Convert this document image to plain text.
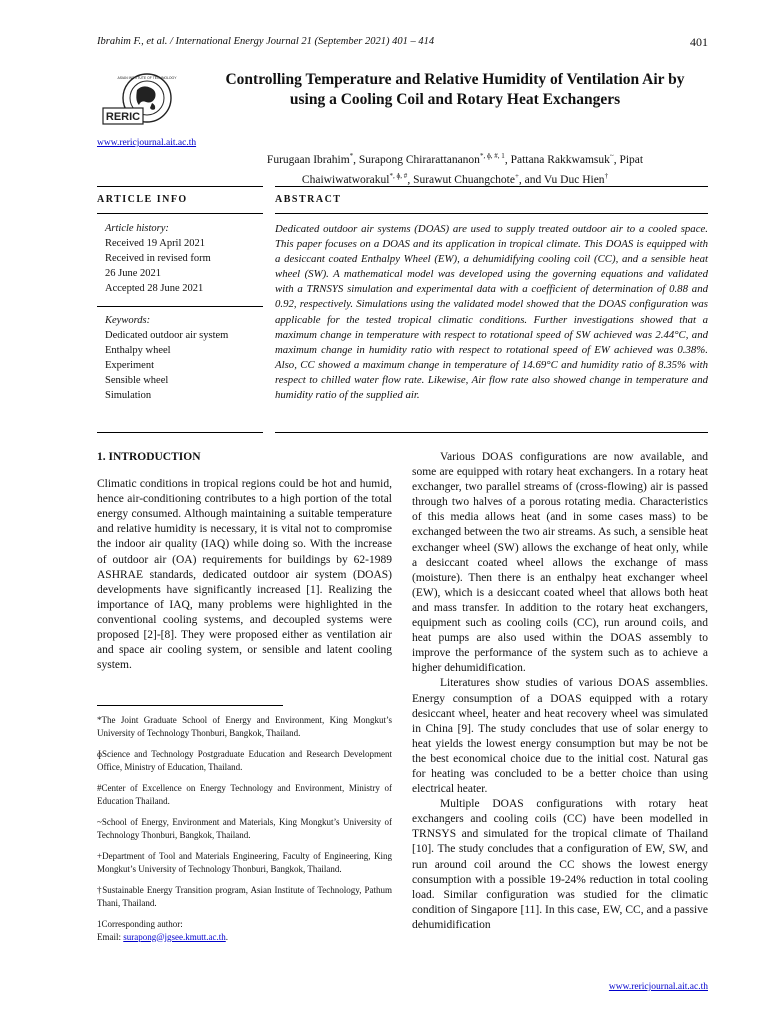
Ibrahim F., et al. / International Energy Journal 21 (September 2021) 401 – 414	401
RERIC
ASIAN INSTITUTE OF TECHNOLOGY
www.rericjournal.ait.ac.th
Controlling Temperature and Relative Humidity of Ventilation Air by using a Cooling Coil and Rotary Heat Exchangers
Furugaan Ibrahim*, Surapong Chirarattananon$^{*, ɸ, \#, 1}$, Pattana Rakkwamsuk~, Pipat
Chaiwiwatworakul$^{*, ɸ, \#}$, Surawut Chuangchote+, and Vu Duc Hien†
ARTICLE INFO
Article history:
Received 19 April 2021
Received in revised form
26 June 2021
Accepted 28 June 2021
Keywords:
Dedicated outdoor air system
Enthalpy wheel
Experiment
Sensible wheel
Simulation
ABSTRACT
Dedicated outdoor air systems (DOAS) are used to supply treated outdoor air to a cooled space. This paper focuses on a DOAS and its application in tropical climate. This DOAS is equipped with a desiccant coated Enthalpy Wheel (EW), a dehumidifying cooling coil (CC), and a sensible heat wheel (SW). A mathematical model was developed using the governing equations and validated with a TRNSYS simulation and experimental data with a coefficient of determination of 0.88 and 0.92, respectively. Simulations using the validated model showed that the DOAS configuration was applicable for the tested tropical climatic conditions. Further investigations showed that a maximum change in temperature with respect to rotational speed of SW achieved was 2.44°C, and maximum change in humidity ratio with respect to rotational speed of EW achieved was 0.38%. Also, CC showed a maximum change in temperature of 14.69°C and humidity ratio of 8.35% with respect to chilled water flow rate. Likewise, Air flow rate also showed change in temperature and humidity ratio of the supplied air.

1. INTRODUCTION

Climatic conditions in tropical regions could be hot and humid, hence air-conditioning contributes to a high portion of the total energy consumed. Although maintaining a suitable temperature and relative humidity is necessary, it is vital not to compromise the indoor air quality (IAQ) while doing so. With the increase of outdoor air (OA) requirements for buildings by 62-1989 ASHRAE standards, dedicated outdoor air system (DOAS) developments have significantly increased [1]. Realizing the importance of IAQ, many problems were highlighted in the conventional cooling systems, and decoupled systems were proposed [2]-[8]. They were proposed either as ventilation air and space air cooling system, or sensible and latent cooling system.

*The Joint Graduate School of Energy and Environment, King Mongkut’s University of Technology Thonburi, Bangkok, Thailand.

ɸScience and Technology Postgraduate Education and Research Development Office, Ministry of Education, Thailand.

#Center of Excellence on Energy Technology and Environment, Ministry of Education Thailand.

~School of Energy, Environment and Materials, King Mongkut’s University of Technology Thonburi, Bangkok, Thailand.

+Department of Tool and Materials Engineering, Faculty of Engineering, King Mongkut’s University of Technology Thonburi, Bangkok, Thailand.

†Sustainable Energy Transition program, Asian Institute of Technology, Pathum Thani, Thailand.

1Corresponding author:

Email: surapong@jgsee.kmutt.ac.th.

Various DOAS configurations are now available, and some are equipped with rotary heat exchangers. In a rotary heat exchanger, two parallel streams of (cross-flowing) air is passed through two halves of a porous rotating media. Characteristics of this media allows heat (and in some cases mass) to be exchanged between the two air streams. As such, a sensible heat exchanger wheel (SW) allows the exchange of heat only, while a desiccant coated wheel allows the exchange of mass (moisture). Then there is an enthalpy heat exchanger wheel (EW), which is a desiccant coated wheel that allows both heat and mass transfer. In addition to the rotary heat exchangers, equipment such as cooling coils (CC), run around coils, and heat pumps are also used within the DOAS assembly to improve the performance of the system such as to achieve a higher dehumidification.

Literatures show studies of various DOAS assemblies. Energy consumption of a DOAS equipped with a rotary desiccant wheel, heater and heat recovery wheel was simulated in China [9]. The study concludes that use of solar energy to heat yields the lowest energy consumption but may be not be the best economical choice due to the initial cost. Natural gas for heating was concluded to be a better choice than using electrical heater.

Multiple DOAS configurations with rotary heat exchangers and cooling coils (CC) have been modelled in TRNSYS and simulated for the tropical climate of Thailand [10]. The study concludes that a configuration of EW, SW, and run around coil around the CC shows the lowest energy consumption with a possible 19-24% reduction in total cooling load. Similar configuration was studied for the climatic condition of Singapore [11]. In this case, EW, CC, and a passive dehumidification

www.rericjournal.ait.ac.th
